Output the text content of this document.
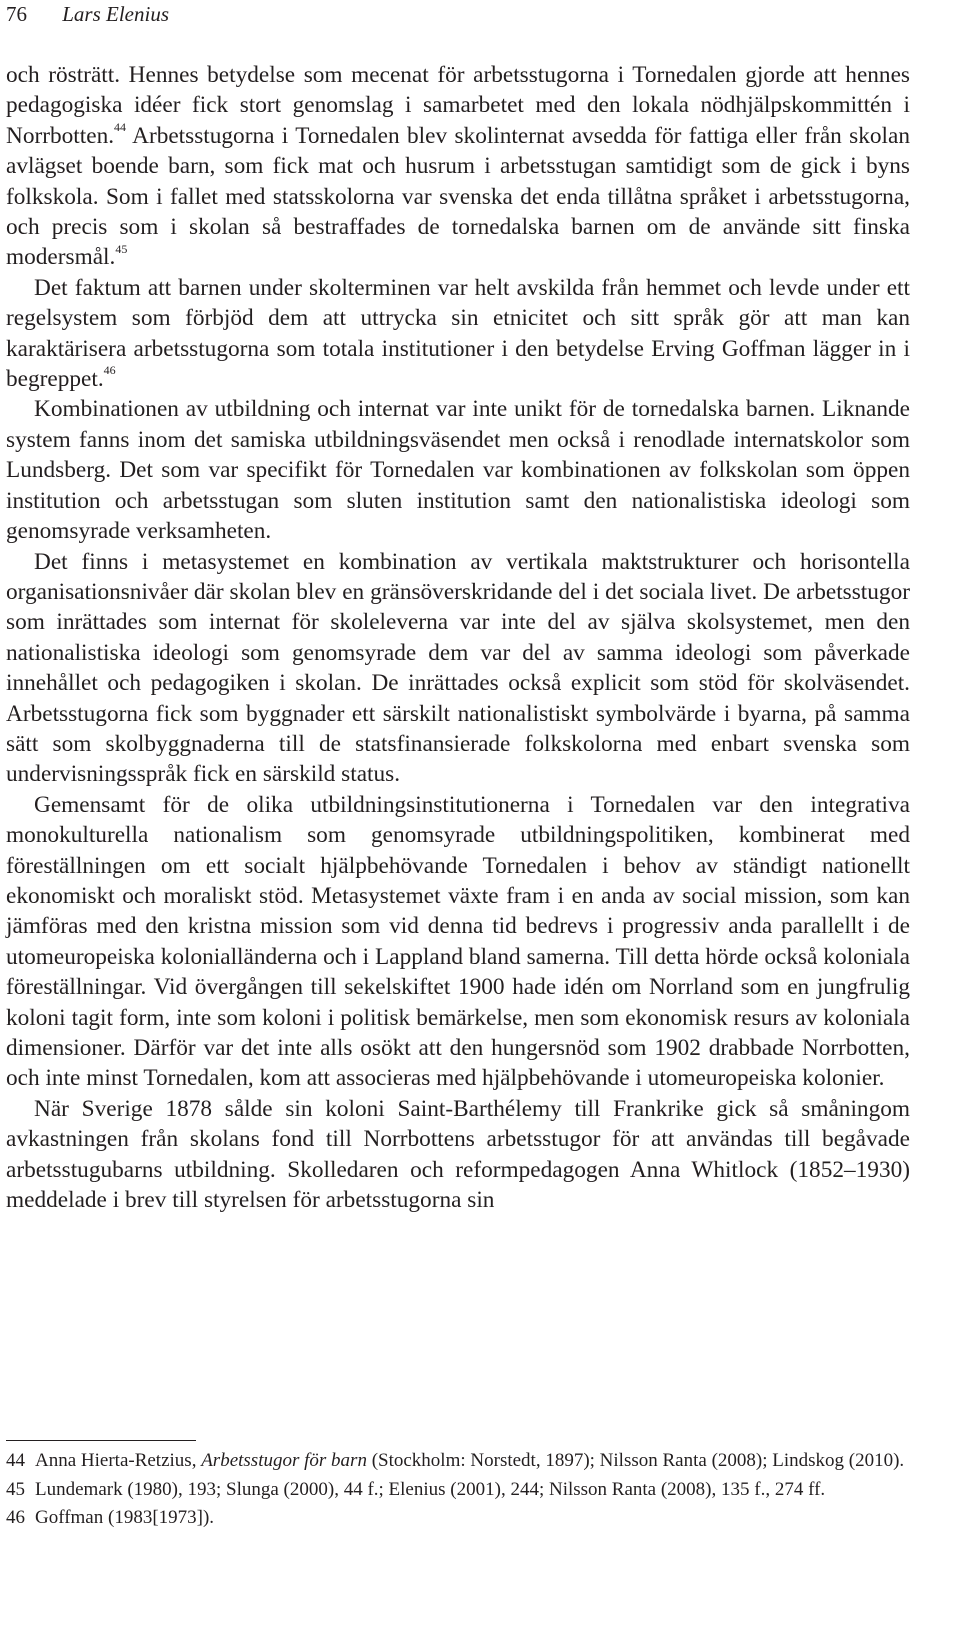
76 Lars Elenius

och rösträtt. Hennes betydelse som mecenat för arbetsstugorna i Tornedalen gjorde att hennes pedagogiska idéer fick stort genomslag i samarbetet med den lokala nödhjälpskommittén i Norrbotten.$^{44}$ Arbetsstugorna i Tornedalen blev skolinternat avsedda för fattiga eller från skolan avlägset boende barn, som fick mat och husrum i arbetsstugan samtidigt som de gick i byns folkskola. Som i fallet med statsskolorna var svenska det enda tillåtna språket i arbetsstugorna, och precis som i skolan så bestraffades de tornedalska barnen om de använde sitt finska modersmål.$^{45}$

Det faktum att barnen under skolterminen var helt avskilda från hemmet och levde under ett regelsystem som förbjöd dem att uttrycka sin etnicitet och sitt språk gör att man kan karaktärisera arbetsstugorna som totala institutioner i den betydelse Erving Goffman lägger in i begreppet.$^{46}$

Kombinationen av utbildning och internat var inte unikt för de tornedalska barnen. Liknande system fanns inom det samiska utbildningsväsendet men också i renodlade internatskolor som Lundsberg. Det som var specifikt för Tornedalen var kombinationen av folkskolan som öppen institution och arbetsstugan som sluten institution samt den nationalistiska ideologi som genomsyrade verksamheten.

Det finns i metasystemet en kombination av vertikala maktstrukturer och horisontella organisationsnivåer där skolan blev en gränsöverskridande del i det sociala livet. De arbetsstugor som inrättades som internat för skoleleverna var inte del av själva skolsystemet, men den nationalistiska ideologi som genomsyrade dem var del av samma ideologi som påverkade innehållet och pedagogiken i skolan. De inrättades också explicit som stöd för skolväsendet. Arbetsstugorna fick som byggnader ett särskilt nationalistiskt symbolvärde i byarna, på samma sätt som skolbyggnaderna till de statsfinansierade folkskolorna med enbart svenska som undervisningsspråk fick en särskild status.

Gemensamt för de olika utbildningsinstitutionerna i Tornedalen var den integrativa monokulturella nationalism som genomsyrade utbildningspolitiken, kombinerat med föreställningen om ett socialt hjälpbehövande Tornedalen i behov av ständigt nationellt ekonomiskt och moraliskt stöd. Metasystemet växte fram i en anda av social mission, som kan jämföras med den kristna mission som vid denna tid bedrevs i progressiv anda parallellt i de utomeuropeiska kolonialländerna och i Lappland bland samerna. Till detta hörde också koloniala föreställningar. Vid övergången till sekelskiftet 1900 hade idén om Norrland som en jungfrulig koloni tagit form, inte som koloni i politisk bemärkelse, men som ekonomisk resurs av koloniala dimensioner. Därför var det inte alls osökt att den hungersnöd som 1902 drabbade Norrbotten, och inte minst Tornedalen, kom att associeras med hjälpbehövande i utomeuropeiska kolonier.

När Sverige 1878 sålde sin koloni Saint-Barthélemy till Frankrike gick så småningom avkastningen från skolans fond till Norrbottens arbetsstugor för att användas till begåvade arbetsstugubarns utbildning. Skolledaren och reformpedagogen Anna Whitlock (1852–1930) meddelade i brev till styrelsen för arbetsstugorna sin

44 Anna Hierta-Retzius, Arbetsstugor för barn (Stockholm: Norstedt, 1897); Nilsson Ranta (2008); Lindskog (2010).
45 Lundemark (1980), 193; Slunga (2000), 44 f.; Elenius (2001), 244; Nilsson Ranta (2008), 135 f., 274 ff.
46 Goffman (1983[1973]).
